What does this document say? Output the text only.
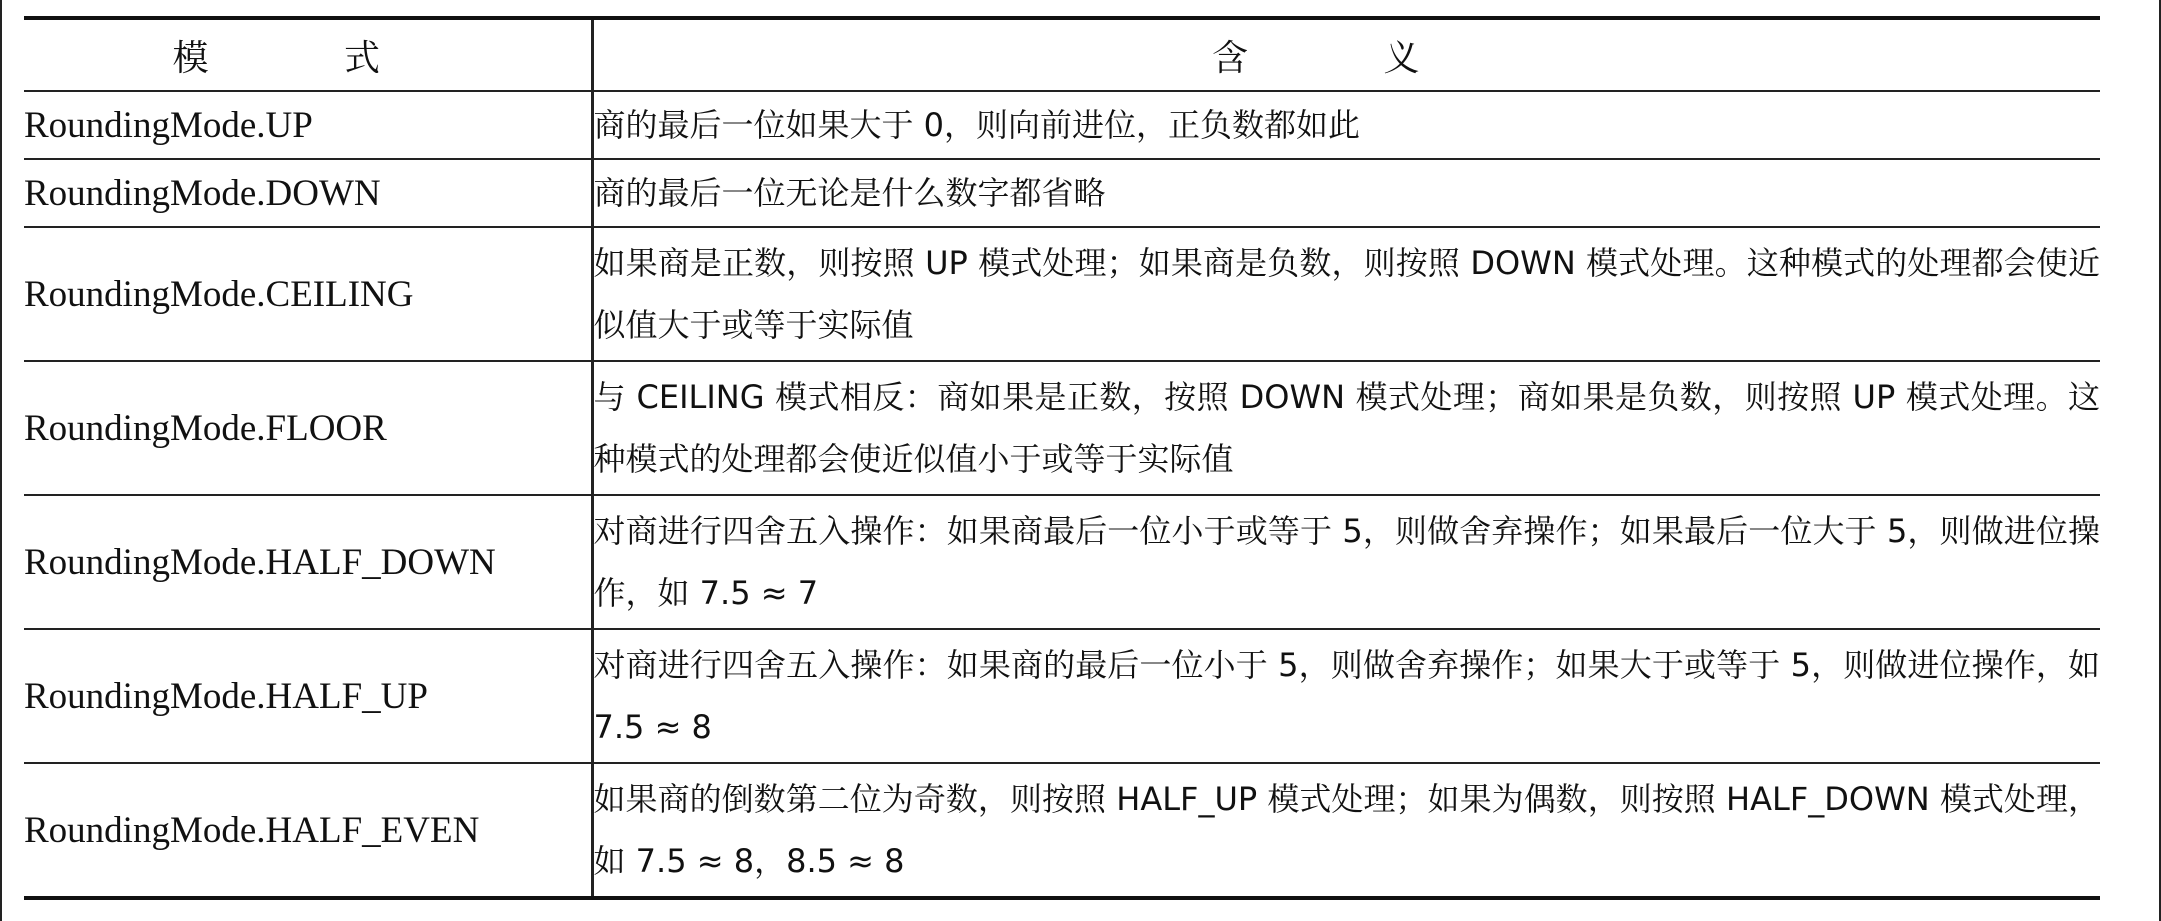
模 式	含 义
RoundingMode.UP	商的最后一位如果大于 0，则向前进位，正负数都如此
RoundingMode.DOWN	商的最后一位无论是什么数字都省略
RoundingMode.CEILING	如果商是正数，则按照 UP 模式处理；如果商是负数，则按照 DOWN 模式处理。这种模式的处理都会使近似值大于或等于实际值
RoundingMode.FLOOR	与 CEILING 模式相反：商如果是正数，按照 DOWN 模式处理；商如果是负数，则按照 UP 模式处理。这种模式的处理都会使近似值小于或等于实际值
RoundingMode.HALF_DOWN	对商进行四舍五入操作：如果商最后一位小于或等于 5，则做舍弃操作；如果最后一位大于 5，则做进位操作，如 7.5 ≈ 7
RoundingMode.HALF_UP	对商进行四舍五入操作：如果商的最后一位小于 5，则做舍弃操作；如果大于或等于 5，则做进位操作，如 7.5 ≈ 8
RoundingMode.HALF_EVEN	如果商的倒数第二位为奇数，则按照 HALF_UP 模式处理；如果为偶数，则按照 HALF_DOWN 模式处理，如 7.5 ≈ 8，8.5 ≈ 8
